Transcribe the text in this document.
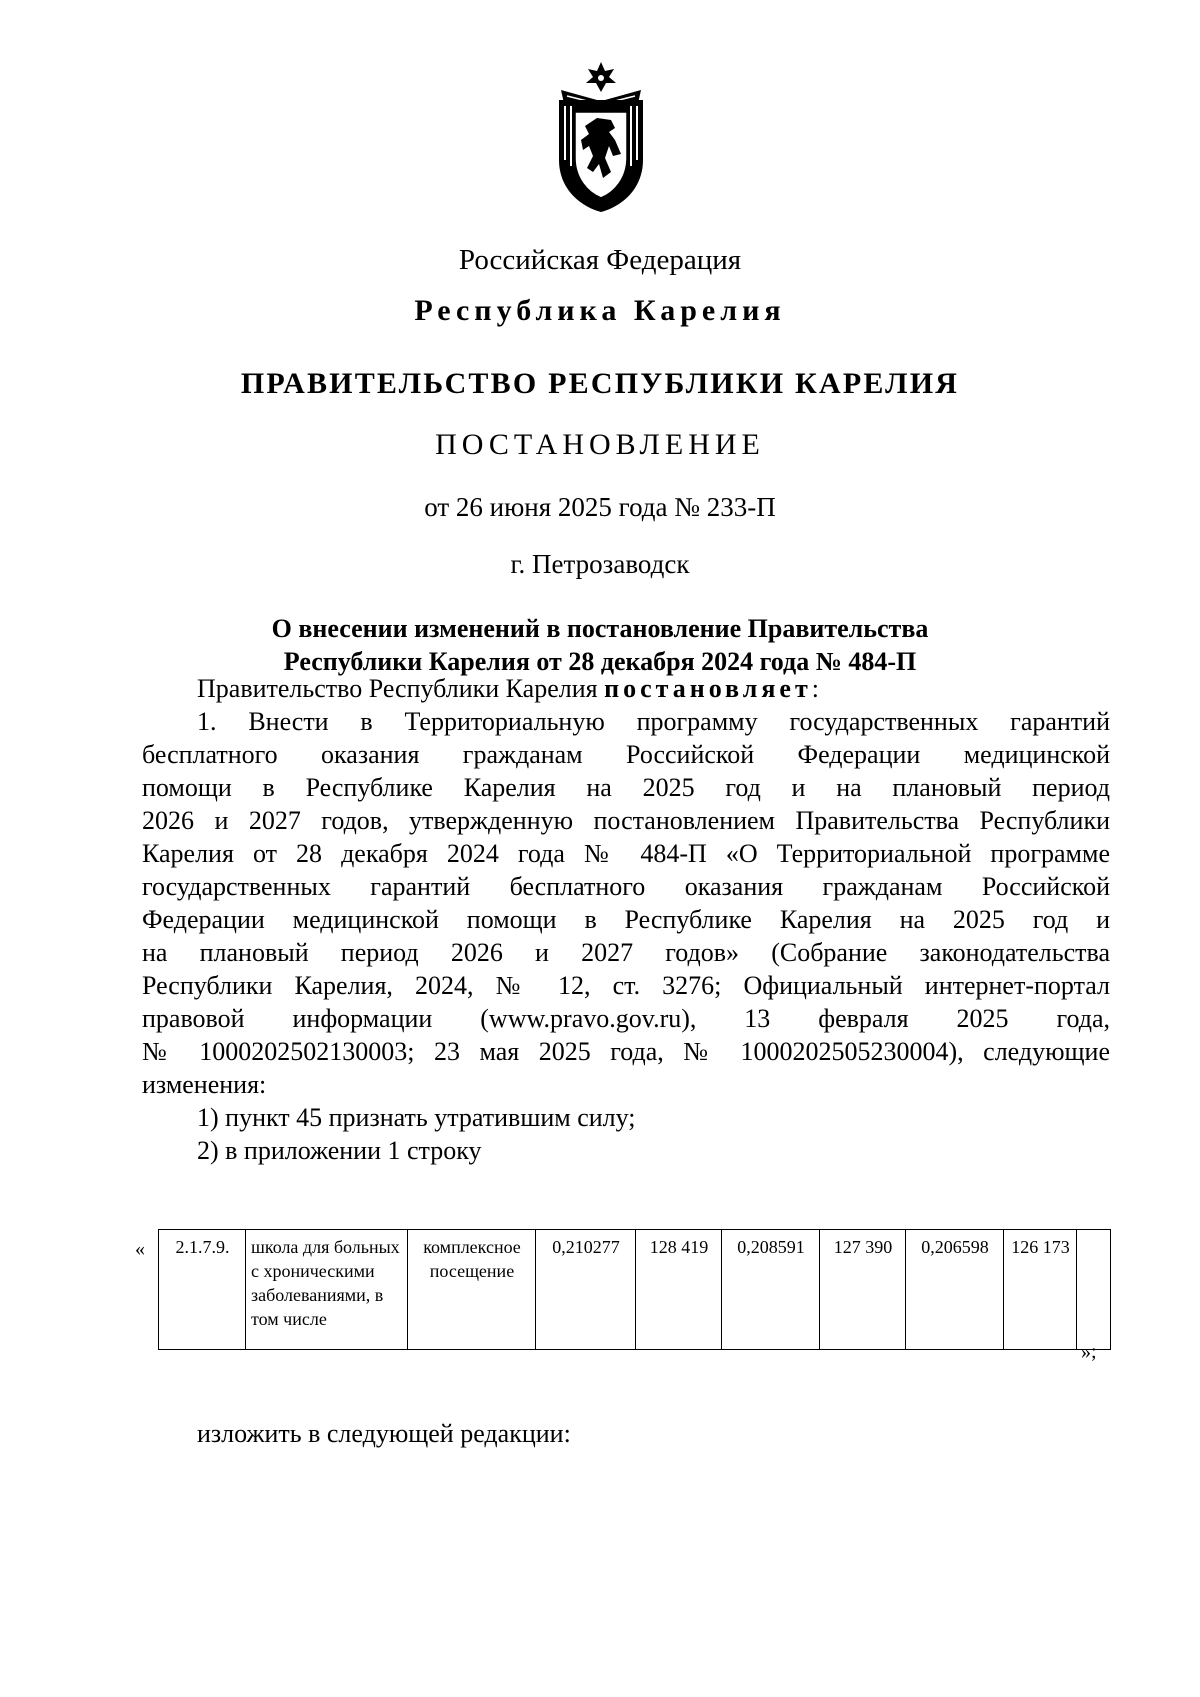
Российская Федерация
Республика Карелия
ПРАВИТЕЛЬСТВО РЕСПУБЛИКИ КАРЕЛИЯ
ПОСТАНОВЛЕНИЕ
от 26 июня 2025 года № 233-П
г. Петрозаводск
О внесении изменений в постановление Правительства
Республики Карелия от 28 декабря 2024 года № 484-П
Правительство Республики Карелия постановляет:
1. Внести в Территориальную программу государственных гарантий
бесплатного оказания гражданам Российской Федерации медицинской
помощи в Республике Карелия на 2025 год и на плановый период
2026 и 2027 годов, утвержденную постановлением Правительства Республики
Карелия от 28 декабря 2024 года № 484-П «О Территориальной программе
государственных гарантий бесплатного оказания гражданам Российской
Федерации медицинской помощи в Республике Карелия на 2025 год и
на плановый период 2026 и 2027 годов» (Собрание законодательства
Республики Карелия, 2024, № 12, ст. 3276; Официальный интернет-портал
правовой информации (www.pravo.gov.ru), 13 февраля 2025 года,
№ 1000202502130003; 23 мая 2025 года, № 1000202505230004), следующие
изменения:
1) пункт 45 признать утратившим силу;
2) в приложении 1 строку
« 2.1.7.9.	школа для больных с хроническими заболеваниями, в том числе	комплексное посещение	0,210277	128 419	0,208591	127 390	0,206598	126 173	
»;
изложить в следующей редакции:
